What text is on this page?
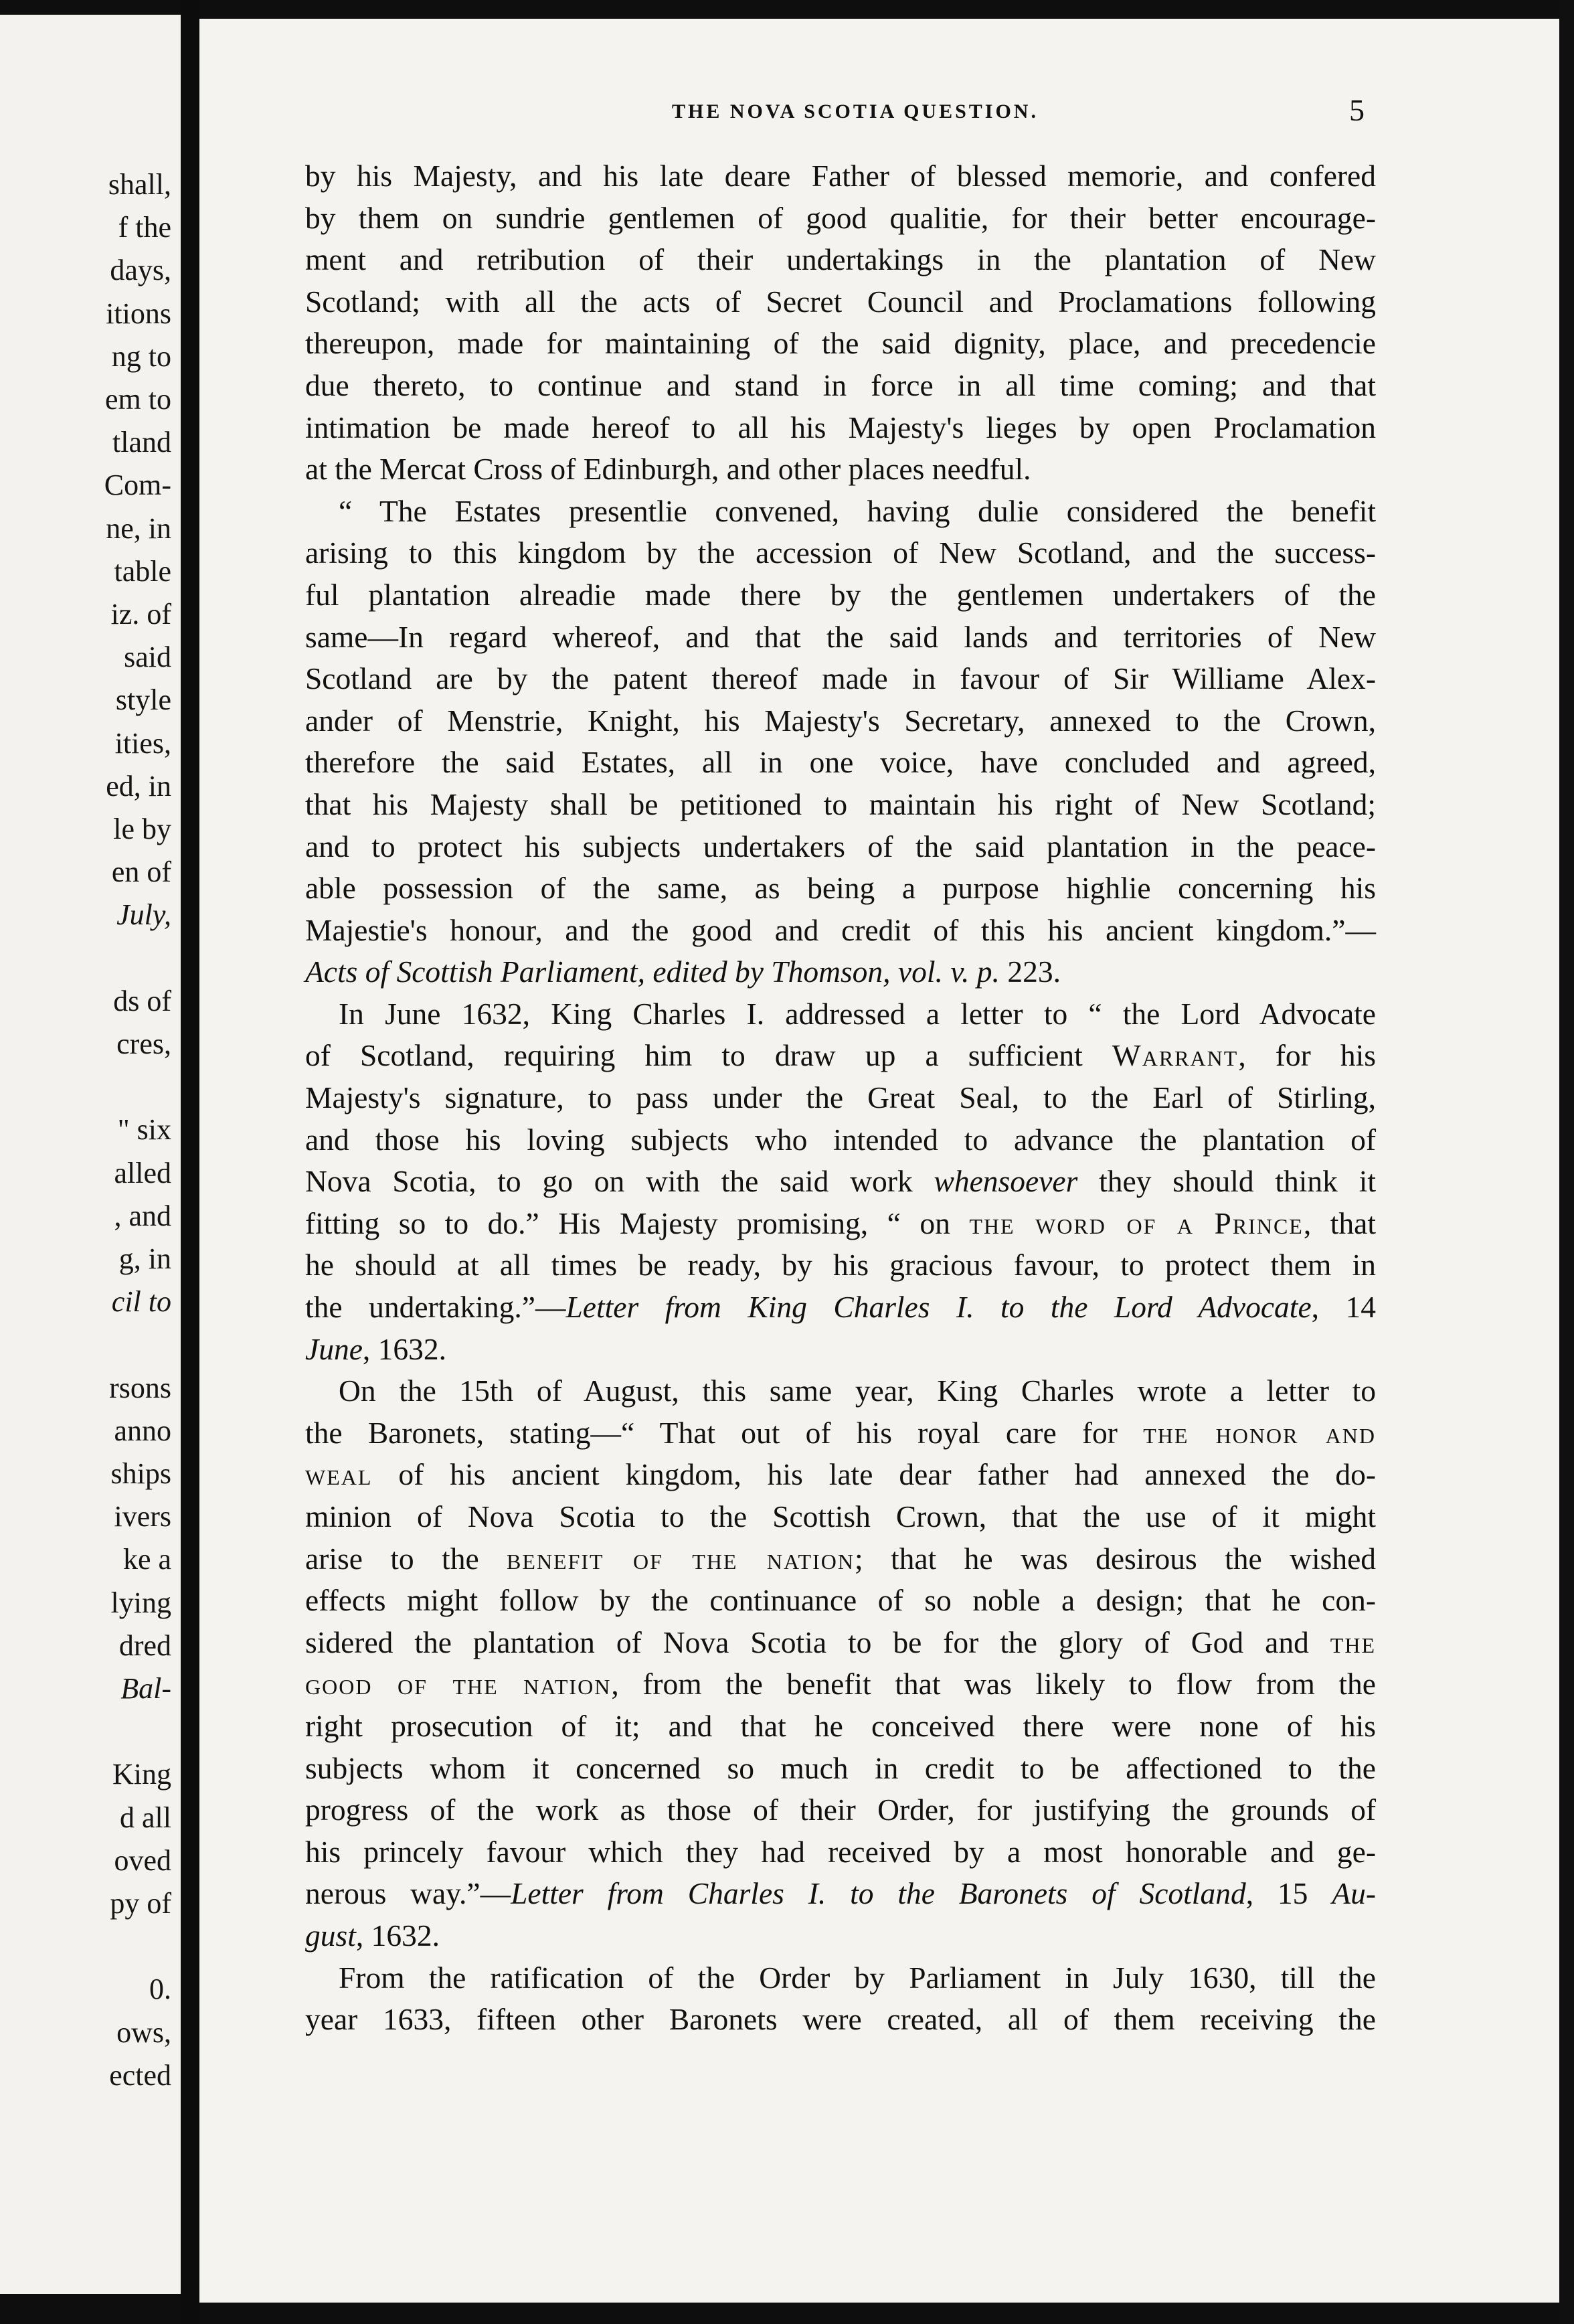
shall,
f the
days,
itions
ng to
em to
tland
Com-
ne, in
table
iz. of
said
style
ities,
ed, in
le by
en of
July,
ds of
cres,
" six
alled
, and
g, in
cil to
rsons
anno
ships
ivers
ke a
lying
dred
Bal-
King
d all
oved
py of
0.
ows,
ected
THE NOVA SCOTIA QUESTION.	5
by his Majesty, and his late deare Father of blessed memorie, and confered
by them on sundrie gentlemen of good qualitie, for their better encourage-
ment and retribution of their undertakings in the plantation of New
Scotland; with all the acts of Secret Council and Proclamations following
thereupon, made for maintaining of the said dignity, place, and precedencie
due thereto, to continue and stand in force in all time coming; and that
intimation be made hereof to all his Majesty's lieges by open Proclamation
at the Mercat Cross of Edinburgh, and other places needful.
“ The Estates presentlie convened, having dulie considered the benefit
arising to this kingdom by the accession of New Scotland, and the success-
ful plantation alreadie made there by the gentlemen undertakers of the
same—In regard whereof, and that the said lands and territories of New
Scotland are by the patent thereof made in favour of Sir Williame Alex-
ander of Menstrie, Knight, his Majesty's Secretary, annexed to the Crown,
therefore the said Estates, all in one voice, have concluded and agreed,
that his Majesty shall be petitioned to maintain his right of New Scotland;
and to protect his subjects undertakers of the said plantation in the peace-
able possession of the same, as being a purpose highlie concerning his
Majestie's honour, and the good and credit of this his ancient kingdom.”—
Acts of Scottish Parliament, edited by Thomson, vol. v. p. 223.
In June 1632, King Charles I. addressed a letter to “ the Lord Advocate
of Scotland, requiring him to draw up a sufficient Warrant, for his
Majesty's signature, to pass under the Great Seal, to the Earl of Stirling,
and those his loving subjects who intended to advance the plantation of
Nova Scotia, to go on with the said work whensoever they should think it
fitting so to do.” His Majesty promising, “ on the word of a Prince, that
he should at all times be ready, by his gracious favour, to protect them in
the undertaking.”—Letter from King Charles I. to the Lord Advocate, 14
June, 1632.
On the 15th of August, this same year, King Charles wrote a letter to
the Baronets, stating—“ That out of his royal care for the honor and
weal of his ancient kingdom, his late dear father had annexed the do-
minion of Nova Scotia to the Scottish Crown, that the use of it might
arise to the benefit of the nation; that he was desirous the wished
effects might follow by the continuance of so noble a design; that he con-
sidered the plantation of Nova Scotia to be for the glory of God and the
good of the nation, from the benefit that was likely to flow from the
right prosecution of it; and that he conceived there were none of his
subjects whom it concerned so much in credit to be affectioned to the
progress of the work as those of their Order, for justifying the grounds of
his princely favour which they had received by a most honorable and ge-
nerous way.”—Letter from Charles I. to the Baronets of Scotland, 15 Au-
gust, 1632.
From the ratification of the Order by Parliament in July 1630, till the
year 1633, fifteen other Baronets were created, all of them receiving the
